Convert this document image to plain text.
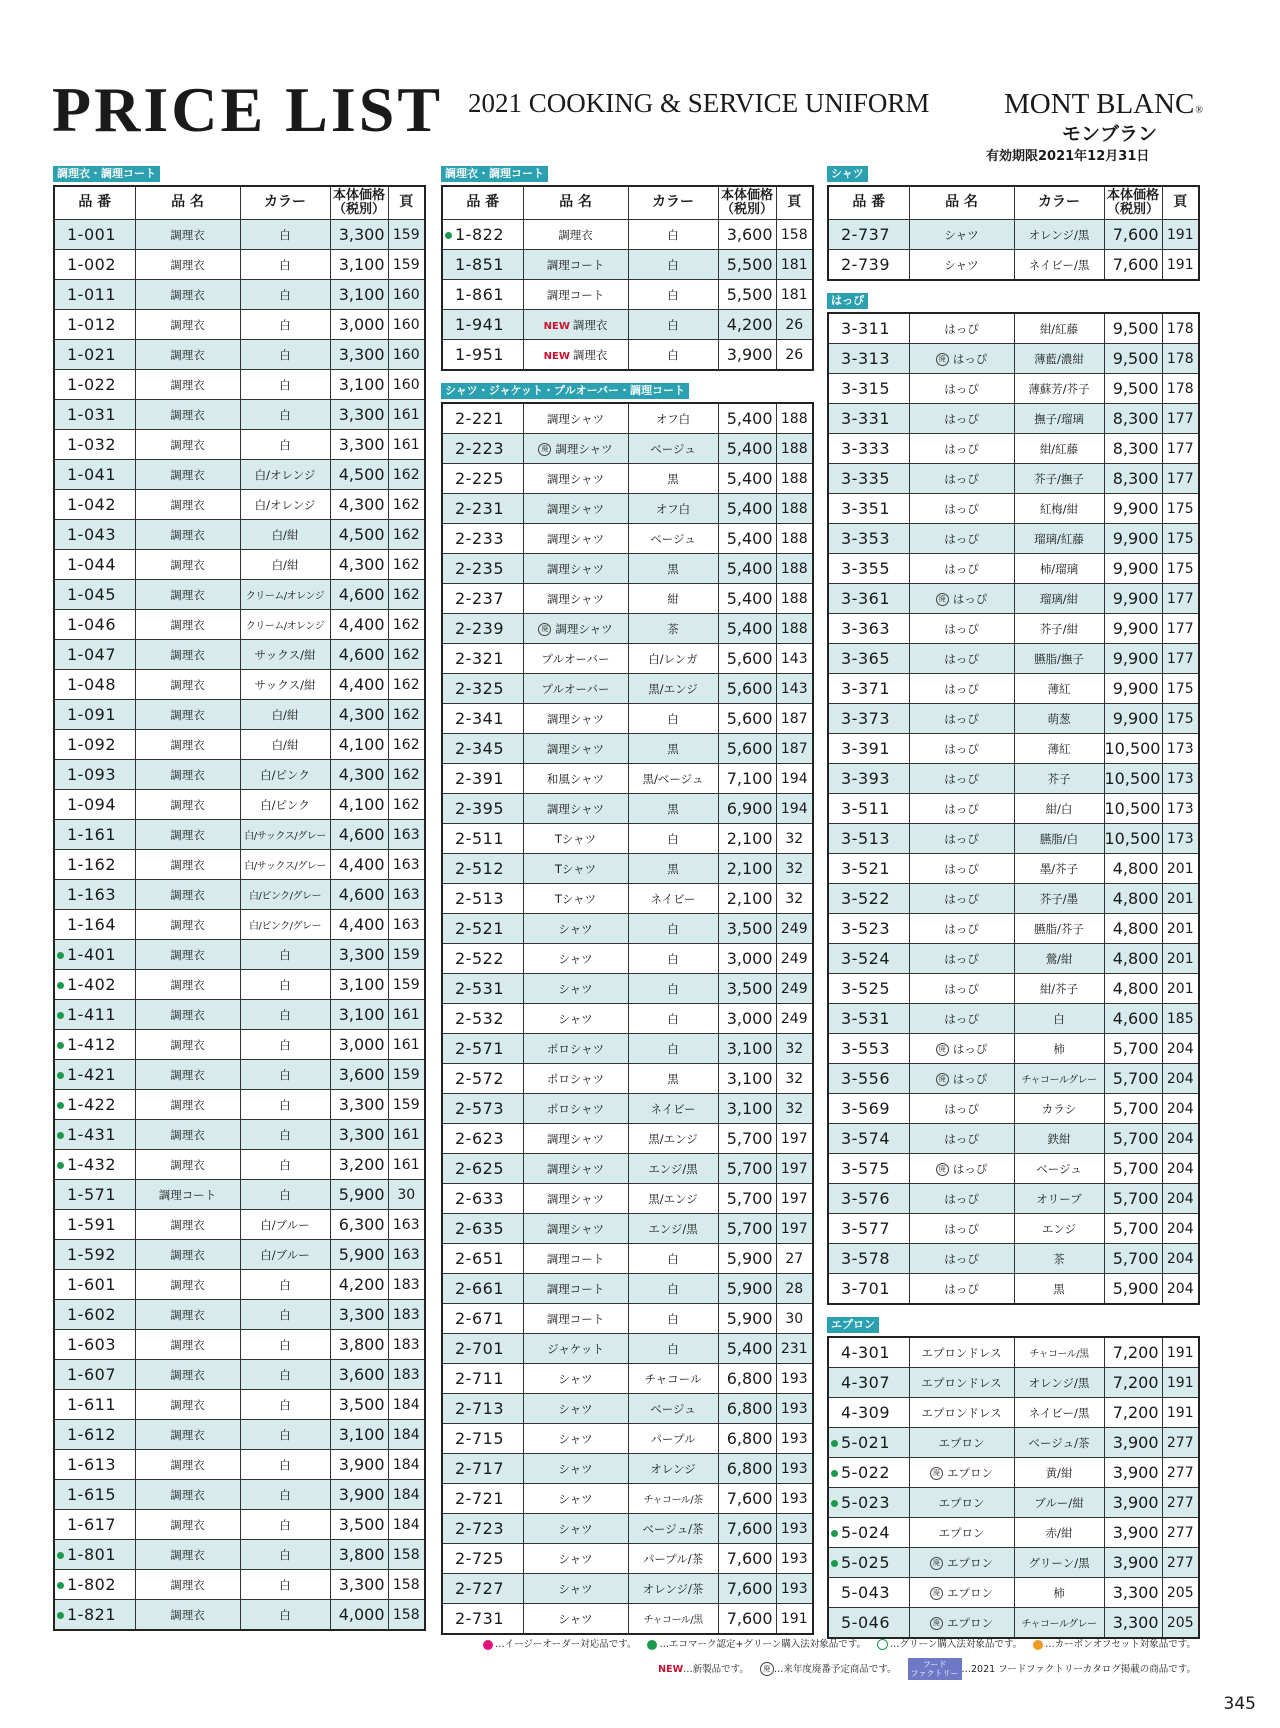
PRICE LIST 2021 COOKING & SERVICE UNIFORM	MONT BLANC®
モンブラン
有効期限2021年12月31日
調理衣・調理コート
品 番	品 名	カラー	本体価格
（税別）	頁
1-001	調理衣	白	3,300	159
1-002	調理衣	白	3,100	159
1-011	調理衣	白	3,100	160
1-012	調理衣	白	3,000	160
1-021	調理衣	白	3,300	160
1-022	調理衣	白	3,100	160
1-031	調理衣	白	3,300	161
1-032	調理衣	白	3,300	161
1-041	調理衣	白/オレンジ	4,500	162
1-042	調理衣	白/オレンジ	4,300	162
1-043	調理衣	白/紺	4,500	162
1-044	調理衣	白/紺	4,300	162
1-045	調理衣	クリーム/オレンジ	4,600	162
1-046	調理衣	クリーム/オレンジ	4,400	162
1-047	調理衣	サックス/紺	4,600	162
1-048	調理衣	サックス/紺	4,400	162
1-091	調理衣	白/紺	4,300	162
1-092	調理衣	白/紺	4,100	162
1-093	調理衣	白/ピンク	4,300	162
1-094	調理衣	白/ピンク	4,100	162
1-161	調理衣	白/サックス/グレー	4,600	163
1-162	調理衣	白/サックス/グレー	4,400	163
1-163	調理衣	白/ピンク/グレー	4,600	163
1-164	調理衣	白/ピンク/グレー	4,400	163
1-401	調理衣	白	3,300	159
1-402	調理衣	白	3,100	159
1-411	調理衣	白	3,100	161
1-412	調理衣	白	3,000	161
1-421	調理衣	白	3,600	159
1-422	調理衣	白	3,300	159
1-431	調理衣	白	3,300	161
1-432	調理衣	白	3,200	161
1-571	調理コート	白	5,900	30
1-591	調理衣	白/ブルー	6,300	163
1-592	調理衣	白/ブルー	5,900	163
1-601	調理衣	白	4,200	183
1-602	調理衣	白	3,300	183
1-603	調理衣	白	3,800	183
1-607	調理衣	白	3,600	183
1-611	調理衣	白	3,500	184
1-612	調理衣	白	3,100	184
1-613	調理衣	白	3,900	184
1-615	調理衣	白	3,900	184
1-617	調理衣	白	3,500	184
1-801	調理衣	白	3,800	158
1-802	調理衣	白	3,300	158
1-821	調理衣	白	4,000	158
調理衣・調理コート
品 番	品 名	カラー	本体価格
（税別）	頁
1-822	調理衣	白	3,600	158
1-851	調理コート	白	5,500	181
1-861	調理コート	白	5,500	181
1-941	NEW 調理衣	白	4,200	26
1-951	NEW 調理衣	白	3,900	26
シャツ・ジャケット・プルオーバー・調理コート
2-221	調理シャツ	オフ白	5,400	188
2-223	廃 調理シャツ	ベージュ	5,400	188
2-225	調理シャツ	黒	5,400	188
2-231	調理シャツ	オフ白	5,400	188
2-233	調理シャツ	ベージュ	5,400	188
2-235	調理シャツ	黒	5,400	188
2-237	調理シャツ	紺	5,400	188
2-239	廃 調理シャツ	茶	5,400	188
2-321	プルオーバー	白/レンガ	5,600	143
2-325	プルオーバー	黒/エンジ	5,600	143
2-341	調理シャツ	白	5,600	187
2-345	調理シャツ	黒	5,600	187
2-391	和風シャツ	黒/ベージュ	7,100	194
2-395	調理シャツ	黒	6,900	194
2-511	Tシャツ	白	2,100	32
2-512	Tシャツ	黒	2,100	32
2-513	Tシャツ	ネイビー	2,100	32
2-521	シャツ	白	3,500	249
2-522	シャツ	白	3,000	249
2-531	シャツ	白	3,500	249
2-532	シャツ	白	3,000	249
2-571	ポロシャツ	白	3,100	32
2-572	ポロシャツ	黒	3,100	32
2-573	ポロシャツ	ネイビー	3,100	32
2-623	調理シャツ	黒/エンジ	5,700	197
2-625	調理シャツ	エンジ/黒	5,700	197
2-633	調理シャツ	黒/エンジ	5,700	197
2-635	調理シャツ	エンジ/黒	5,700	197
2-651	調理コート	白	5,900	27
2-661	調理コート	白	5,900	28
2-671	調理コート	白	5,900	30
2-701	ジャケット	白	5,400	231
2-711	シャツ	チャコール	6,800	193
2-713	シャツ	ベージュ	6,800	193
2-715	シャツ	パープル	6,800	193
2-717	シャツ	オレンジ	6,800	193
2-721	シャツ	チャコール/茶	7,600	193
2-723	シャツ	ベージュ/茶	7,600	193
2-725	シャツ	パープル/茶	7,600	193
2-727	シャツ	オレンジ/茶	7,600	193
2-731	シャツ	チャコール/黒	7,600	191
シャツ
品 番	品 名	カラー	本体価格
（税別）	頁
2-737	シャツ	オレンジ/黒	7,600	191
2-739	シャツ	ネイビー/黒	7,600	191
はっぴ
3-311	はっぴ	紺/紅藤	9,500	178
3-313	廃 はっぴ	薄藍/濃紺	9,500	178
3-315	はっぴ	薄蘇芳/芥子	9,500	178
3-331	はっぴ	撫子/瑠璃	8,300	177
3-333	はっぴ	紺/紅藤	8,300	177
3-335	はっぴ	芥子/撫子	8,300	177
3-351	はっぴ	紅梅/紺	9,900	175
3-353	はっぴ	瑠璃/紅藤	9,900	175
3-355	はっぴ	柿/瑠璃	9,900	175
3-361	廃 はっぴ	瑠璃/紺	9,900	177
3-363	はっぴ	芥子/紺	9,900	177
3-365	はっぴ	臙脂/撫子	9,900	177
3-371	はっぴ	薄紅	9,900	175
3-373	はっぴ	萌葱	9,900	175
3-391	はっぴ	薄紅	10,500	173
3-393	はっぴ	芥子	10,500	173
3-511	はっぴ	紺/白	10,500	173
3-513	はっぴ	臙脂/白	10,500	173
3-521	はっぴ	墨/芥子	4,800	201
3-522	はっぴ	芥子/墨	4,800	201
3-523	はっぴ	臙脂/芥子	4,800	201
3-524	はっぴ	鶯/紺	4,800	201
3-525	はっぴ	紺/芥子	4,800	201
3-531	はっぴ	白	4,600	185
3-553	廃 はっぴ	柿	5,700	204
3-556	廃 はっぴ	チャコールグレー	5,700	204
3-569	はっぴ	カラシ	5,700	204
3-574	はっぴ	鉄紺	5,700	204
3-575	廃 はっぴ	ベージュ	5,700	204
3-576	はっぴ	オリーブ	5,700	204
3-577	はっぴ	エンジ	5,700	204
3-578	はっぴ	茶	5,700	204
3-701	はっぴ	黒	5,900	204
エプロン
4-301	エプロンドレス	チャコール/黒	7,200	191
4-307	エプロンドレス	オレンジ/黒	7,200	191
4-309	エプロンドレス	ネイビー/黒	7,200	191
5-021	エプロン	ベージュ/茶	3,900	277
5-022	廃 エプロン	黄/紺	3,900	277
5-023	エプロン	ブルー/紺	3,900	277
5-024	エプロン	赤/紺	3,900	277
5-025	廃 エプロン	グリーン/黒	3,900	277
5-043	廃 エプロン	柿	3,300	205
5-046	廃 エプロン	チャコールグレー	3,300	205
…イージーオーダー対応品です。 …エコマーク認定+グリーン購入法対象品です。	…グリーン購入法対象品です。 …カーボンオフセット対象品です。
NEW…新製品です。 廃 …来年度廃番予定商品です。	フード
ファクトリー …2021 フードファクトリーカタログ掲載の商品です。
345
